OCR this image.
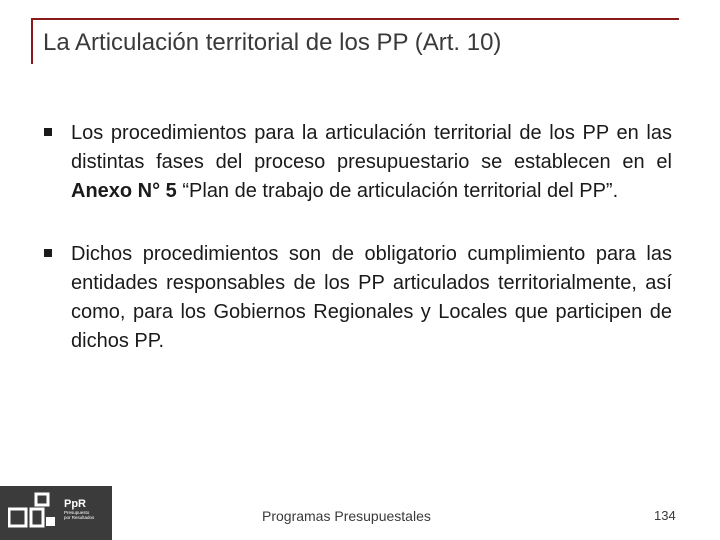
La Articulación territorial de los PP (Art. 10)

Los procedimientos para la articulación territorial de los PP en las distintas fases del proceso presupuestario se establecen en el Anexo N° 5 “Plan de trabajo de articulación territorial del PP”.

Dichos procedimientos son de obligatorio cumplimiento para las entidades responsables de los PP articulados territorialmente, así como, para los Gobiernos Regionales y Locales que participen de dichos PP.

PpR
Presupuesto
por Resultados	Programas Presupuestales	134
